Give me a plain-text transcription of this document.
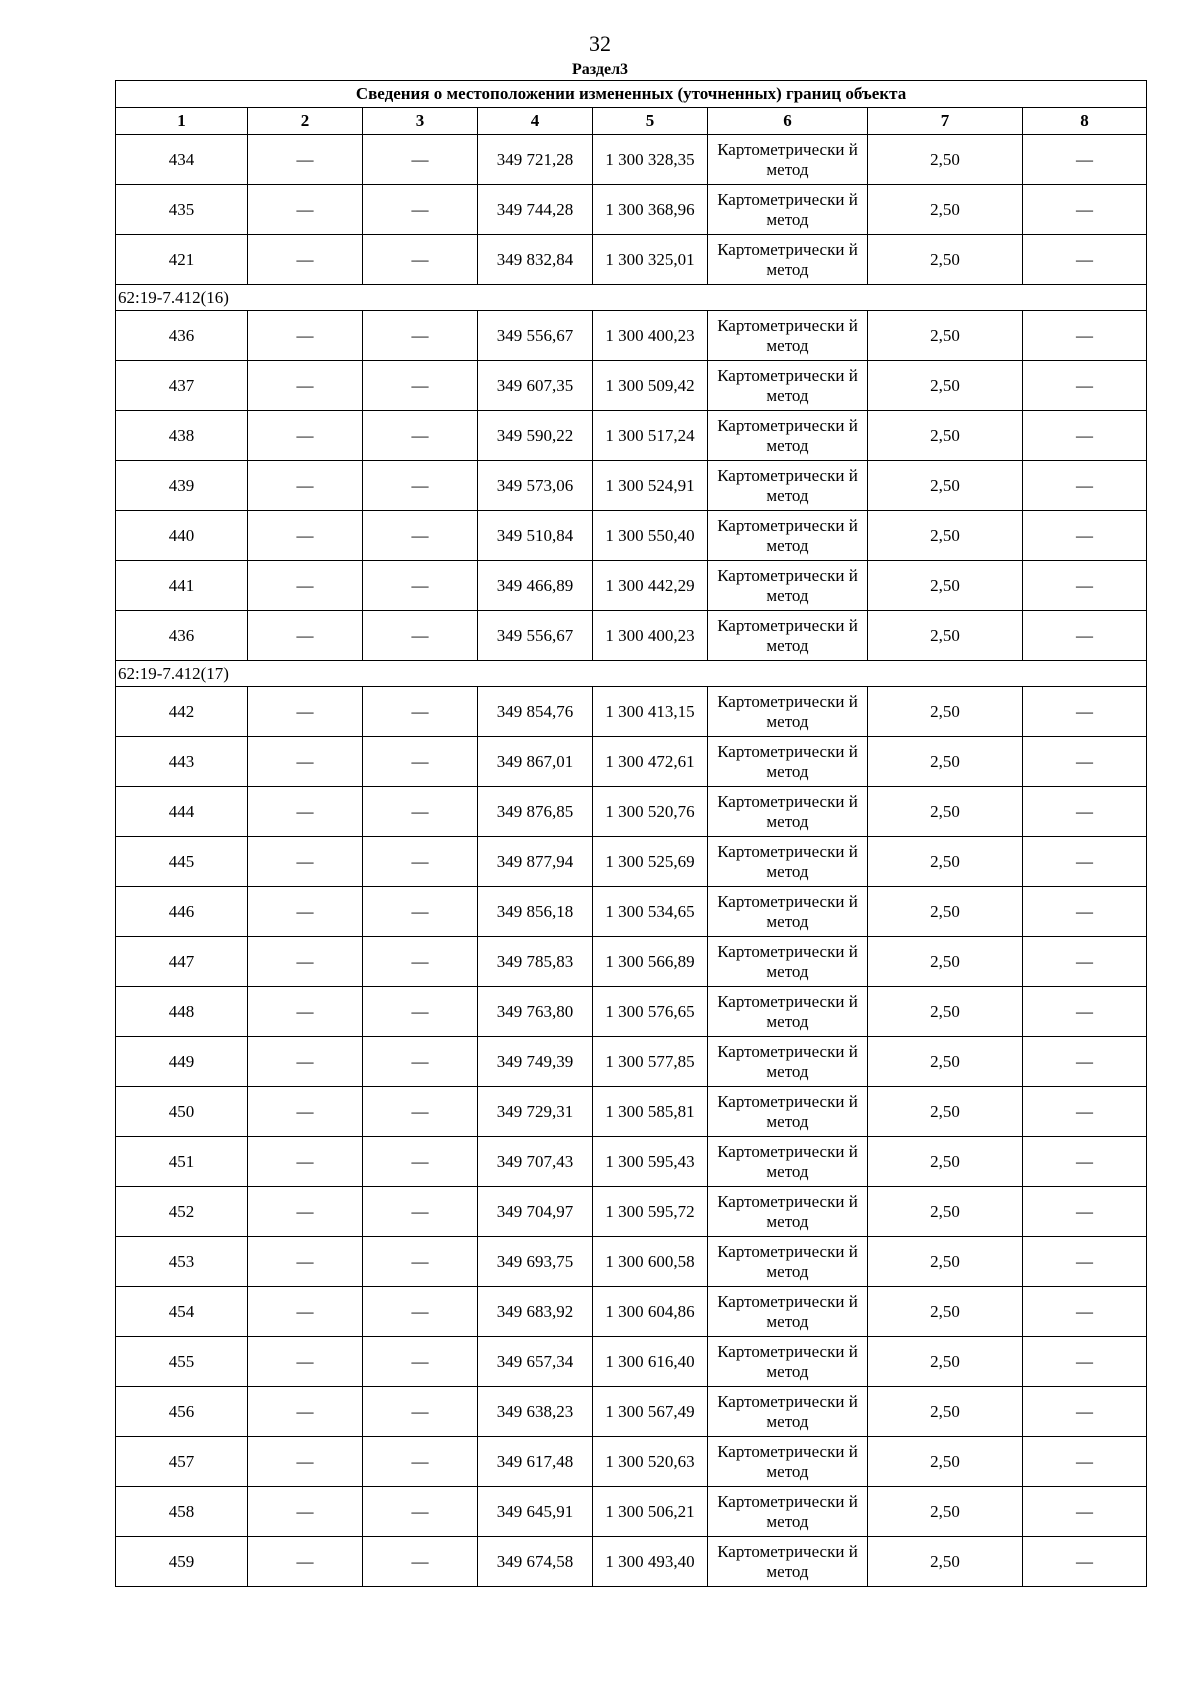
32
Раздел3
Сведения о местоположении измененных (уточненных) границ объекта							
1	2	3	4	5	6	7	8
434	—	—	349 721,28	1 300 328,35	Картометрически й метод	2,50	—
435	—	—	349 744,28	1 300 368,96	Картометрически й метод	2,50	—
421	—	—	349 832,84	1 300 325,01	Картометрически й метод	2,50	—
62:19-7.412(16)							
436	—	—	349 556,67	1 300 400,23	Картометрически й метод	2,50	—
437	—	—	349 607,35	1 300 509,42	Картометрически й метод	2,50	—
438	—	—	349 590,22	1 300 517,24	Картометрически й метод	2,50	—
439	—	—	349 573,06	1 300 524,91	Картометрически й метод	2,50	—
440	—	—	349 510,84	1 300 550,40	Картометрически й метод	2,50	—
441	—	—	349 466,89	1 300 442,29	Картометрически й метод	2,50	—
436	—	—	349 556,67	1 300 400,23	Картометрически й метод	2,50	—
62:19-7.412(17)							
442	—	—	349 854,76	1 300 413,15	Картометрически й метод	2,50	—
443	—	—	349 867,01	1 300 472,61	Картометрически й метод	2,50	—
444	—	—	349 876,85	1 300 520,76	Картометрически й метод	2,50	—
445	—	—	349 877,94	1 300 525,69	Картометрически й метод	2,50	—
446	—	—	349 856,18	1 300 534,65	Картометрически й метод	2,50	—
447	—	—	349 785,83	1 300 566,89	Картометрически й метод	2,50	—
448	—	—	349 763,80	1 300 576,65	Картометрически й метод	2,50	—
449	—	—	349 749,39	1 300 577,85	Картометрически й метод	2,50	—
450	—	—	349 729,31	1 300 585,81	Картометрически й метод	2,50	—
451	—	—	349 707,43	1 300 595,43	Картометрически й метод	2,50	—
452	—	—	349 704,97	1 300 595,72	Картометрически й метод	2,50	—
453	—	—	349 693,75	1 300 600,58	Картометрически й метод	2,50	—
454	—	—	349 683,92	1 300 604,86	Картометрически й метод	2,50	—
455	—	—	349 657,34	1 300 616,40	Картометрически й метод	2,50	—
456	—	—	349 638,23	1 300 567,49	Картометрически й метод	2,50	—
457	—	—	349 617,48	1 300 520,63	Картометрически й метод	2,50	—
458	—	—	349 645,91	1 300 506,21	Картометрически й метод	2,50	—
459	—	—	349 674,58	1 300 493,40	Картометрически й метод	2,50	—
